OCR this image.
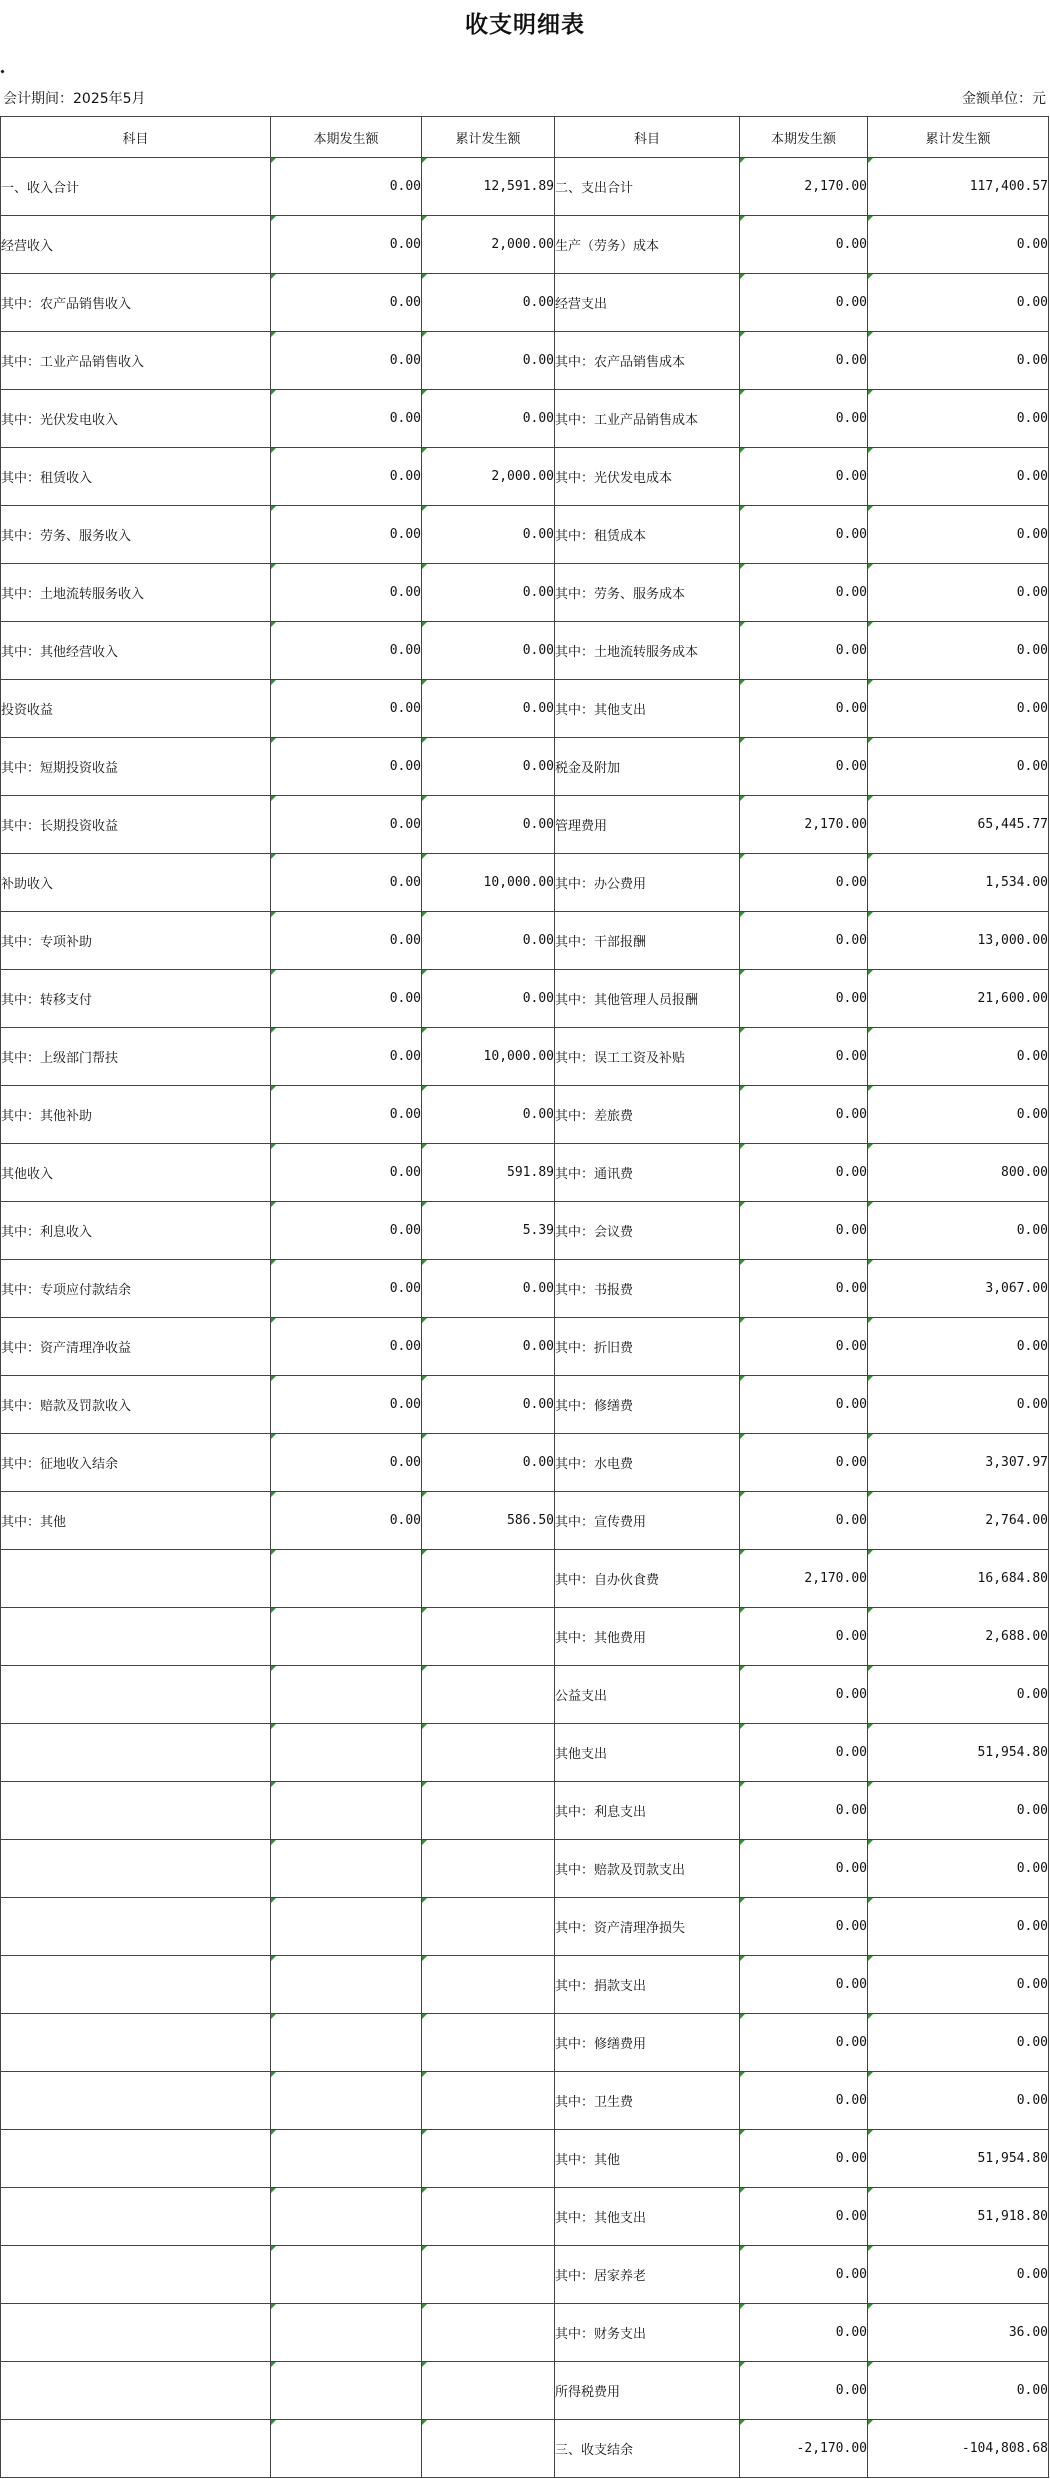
收支明细表
会计期间：2025年5月	金额单位：元
科目	本期发生额	累计发生额	科目	本期发生额	累计发生额
一、收入合计	0.00	12,591.89	二、支出合计	2,170.00	117,400.57
经营收入	0.00	2,000.00	生产（劳务）成本	0.00	0.00
其中：农产品销售收入	0.00	0.00	经营支出	0.00	0.00
其中：工业产品销售收入	0.00	0.00	其中：农产品销售成本	0.00	0.00
其中：光伏发电收入	0.00	0.00	其中：工业产品销售成本	0.00	0.00
其中：租赁收入	0.00	2,000.00	其中：光伏发电成本	0.00	0.00
其中：劳务、服务收入	0.00	0.00	其中：租赁成本	0.00	0.00
其中：土地流转服务收入	0.00	0.00	其中：劳务、服务成本	0.00	0.00
其中：其他经营收入	0.00	0.00	其中：土地流转服务成本	0.00	0.00
投资收益	0.00	0.00	其中：其他支出	0.00	0.00
其中：短期投资收益	0.00	0.00	税金及附加	0.00	0.00
其中：长期投资收益	0.00	0.00	管理费用	2,170.00	65,445.77
补助收入	0.00	10,000.00	其中：办公费用	0.00	1,534.00
其中：专项补助	0.00	0.00	其中：干部报酬	0.00	13,000.00
其中：转移支付	0.00	0.00	其中：其他管理人员报酬	0.00	21,600.00
其中：上级部门帮扶	0.00	10,000.00	其中：误工工资及补贴	0.00	0.00
其中：其他补助	0.00	0.00	其中：差旅费	0.00	0.00
其他收入	0.00	591.89	其中：通讯费	0.00	800.00
其中：利息收入	0.00	5.39	其中：会议费	0.00	0.00
其中：专项应付款结余	0.00	0.00	其中：书报费	0.00	3,067.00
其中：资产清理净收益	0.00	0.00	其中：折旧费	0.00	0.00
其中：赔款及罚款收入	0.00	0.00	其中：修缮费	0.00	0.00
其中：征地收入结余	0.00	0.00	其中：水电费	0.00	3,307.97
其中：其他	0.00	586.50	其中：宣传费用	0.00	2,764.00
			其中：自办伙食费	2,170.00	16,684.80
			其中：其他费用	0.00	2,688.00
			公益支出	0.00	0.00
			其他支出	0.00	51,954.80
			其中：利息支出	0.00	0.00
			其中：赔款及罚款支出	0.00	0.00
			其中：资产清理净损失	0.00	0.00
			其中：捐款支出	0.00	0.00
			其中：修缮费用	0.00	0.00
			其中：卫生费	0.00	0.00
			其中：其他	0.00	51,954.80
			其中：其他支出	0.00	51,918.80
			其中：居家养老	0.00	0.00
			其中：财务支出	0.00	36.00
			所得税费用	0.00	0.00
			三、收支结余	-2,170.00	-104,808.68
